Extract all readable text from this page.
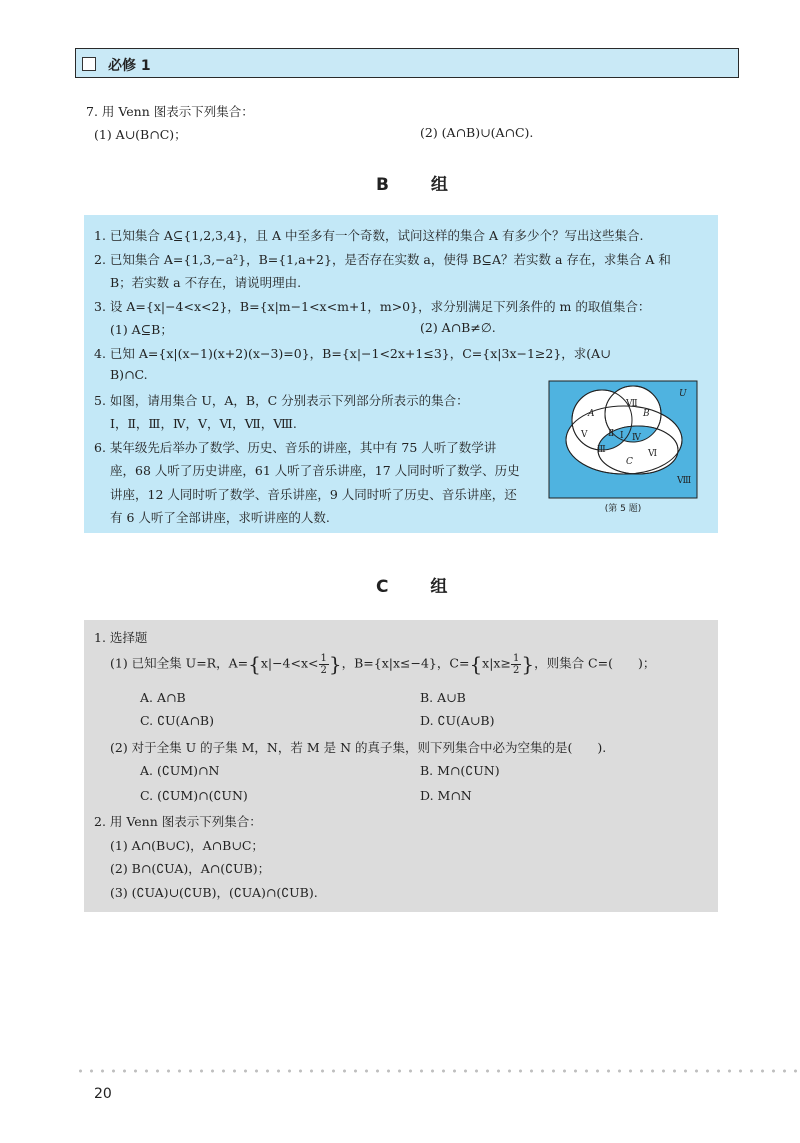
必修 1
7. 用 Venn 图表示下列集合：
(1) A∪(B∩C)；	(2) (A∩B)∪(A∩C).
B 组
1. 已知集合 A⊆{1,2,3,4}，且 A 中至多有一个奇数，试问这样的集合 A 有多少个？写出这些集合.
2. 已知集合 A={1,3,−a²}，B={1,a+2}，是否存在实数 a，使得 B⊆A？若实数 a 存在，求集合 A 和
B；若实数 a 不存在，请说明理由.
3. 设 A={x|−4<x<2}，B={x|m−1<x<m+1，m>0}，求分别满足下列条件的 m 的取值集合：
(1) A⊆B；	(2) A∩B≠∅.
4. 已知 A={x|(x−1)(x+2)(x−3)=0}，B={x|−1<2x+1≤3}，C={x|3x−1≥2}，求(A∪
B)∩C.
5. 如图，请用集合 U，A，B，C 分别表示下列部分所表示的集合：
Ⅰ，Ⅱ，Ⅲ，Ⅳ，Ⅴ，Ⅵ，Ⅶ，Ⅷ.
6. 某年级先后举办了数学、历史、音乐的讲座，其中有 75 人听了数学讲
座，68 人听了历史讲座，61 人听了音乐讲座，17 人同时听了数学、历史
讲座，12 人同时听了数学、音乐讲座，9 人同时听了历史、音乐讲座，还
有 6 人听了全部讲座，求听讲座的人数.
U
A	B
C
Ⅰ
Ⅱ
Ⅲ
Ⅳ
Ⅴ
Ⅵ
Ⅶ
Ⅷ
(第 5 题)
C 组
1. 选择题
(1) 已知全集 U=R，$A=\{x|-4<x< \frac{1}{2}$ }，B={x|x≤−4}，$C=\{x|x\ge \frac{1}{2}$ }，则集合 C=(　　)；
A. A∩B	B. A∪B
C. ∁U(A∩B)	D. ∁U(A∪B)
(2) 对于全集 U 的子集 M，N，若 M 是 N 的真子集，则下列集合中必为空集的是(　　).
A. (∁UM)∩N	B. M∩(∁UN)
C. (∁UM)∩(∁UN)	D. M∩N
2. 用 Venn 图表示下列集合：
(1) A∩(B∪C)，A∩B∪C；
(2) B∩(∁UA)，A∩(∁UB)；
(3) (∁UA)∪(∁UB)，(∁UA)∩(∁UB).
20
